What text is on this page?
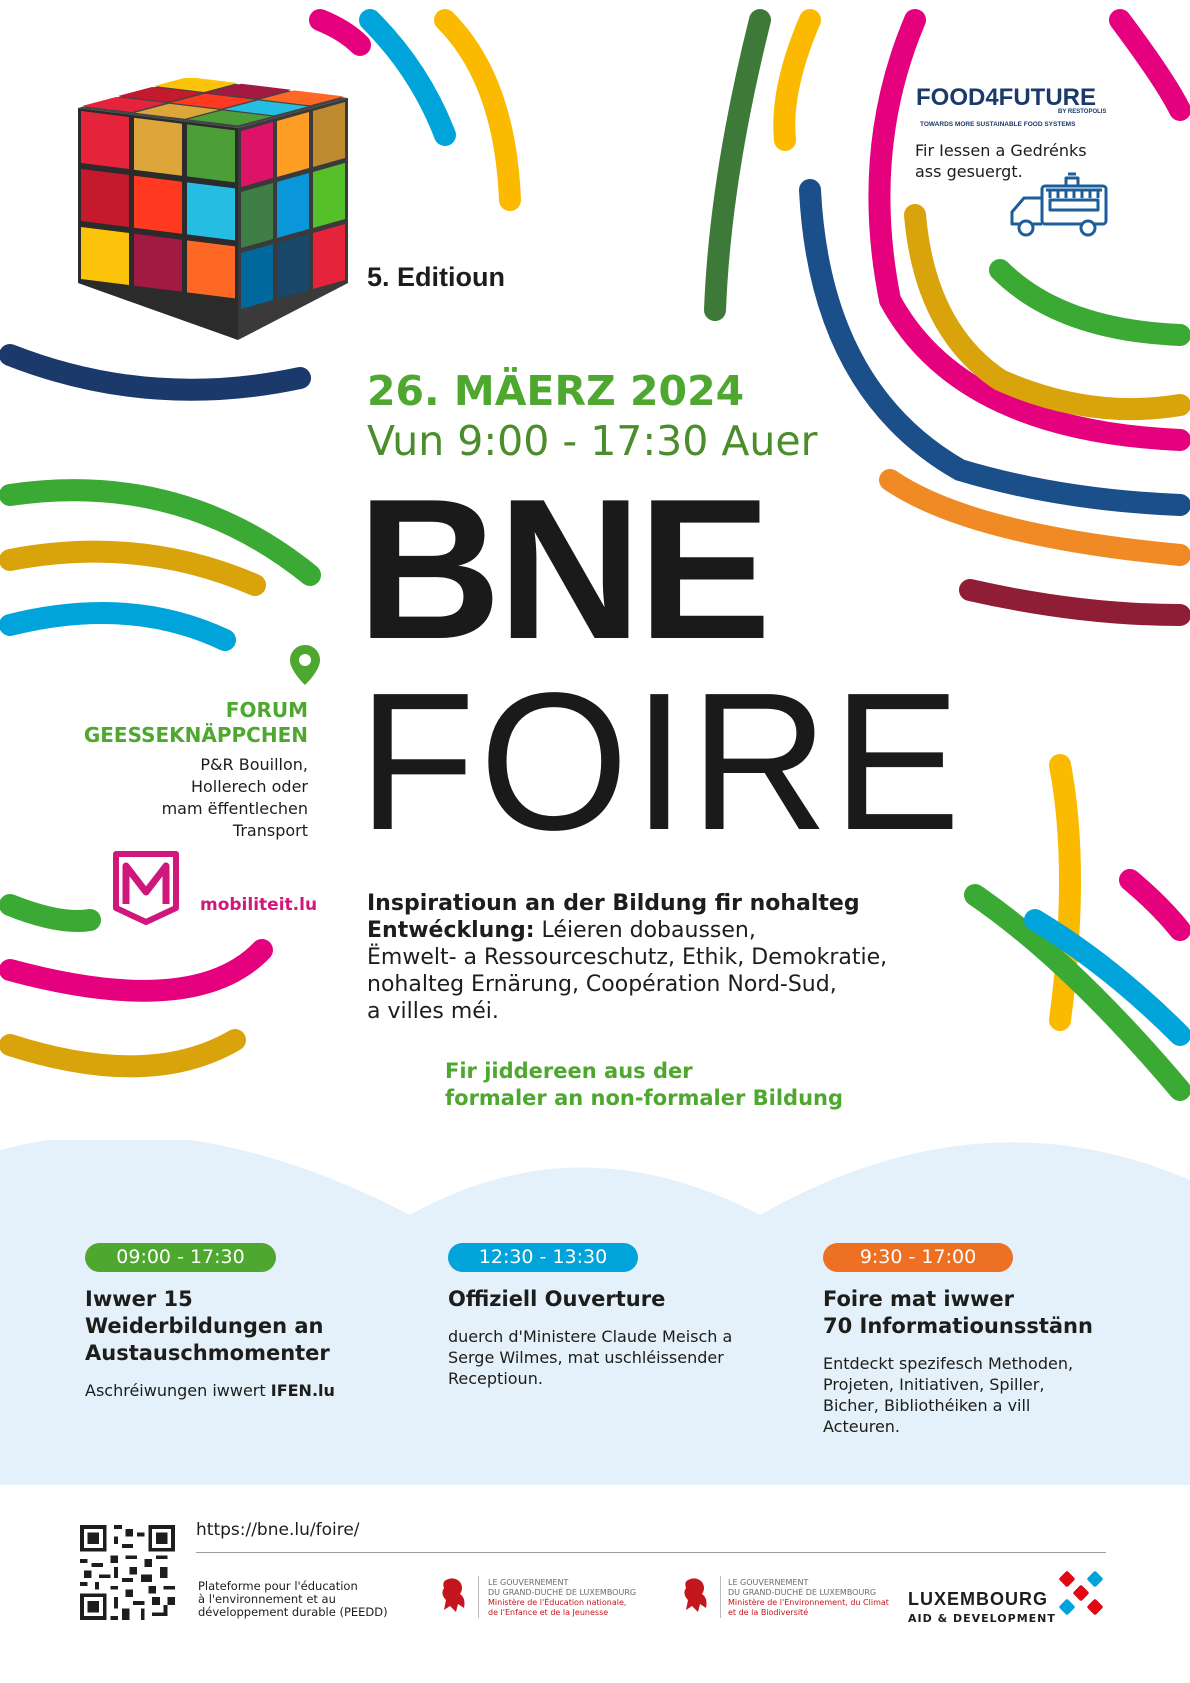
5. Editioun
26. MÄERZ 2024
Vun 9:00 - 17:30 Auer
BNE
FOIRE
Inspiratioun an der Bildung fir nohalteg Entwécklung: Léieren dobaussen,
Ëmwelt- a Ressourceschutz, Ethik, Demokratie,
nohalteg Ernärung, Coopération Nord-Sud,
a villes méi.
Fir jiddereen aus der
formaler an non-formaler Bildung
FORUM
GEESSEKNÄPPCHEN
P&R Bouillon,
Hollerech oder
mam ëffentlechen
Transport
mobiliteit.lu
FOOD4FUTURE
BY RESTOPOLIS
TOWARDS MORE SUSTAINABLE FOOD SYSTEMS
Fir Iessen a Gedrénks
ass gesuergt.
09:00 - 17:30
Iwwer 15
Weiderbildungen an
Austauschmomenter
Aschréiwungen iwwert IFEN.lu
12:30 - 13:30
Offiziell Ouverture
duerch d'Ministere Claude Meisch a
Serge Wilmes, mat uschléissender
Receptioun.
9:30 - 17:00
Foire mat iwwer
70 Informatiounsstänn
Entdeckt spezifesch Methoden,
Projeten, Initiativen, Spiller,
Bicher, Bibliothéiken a vill
Acteuren.
https://bne.lu/foire/
Plateforme pour l'éducation
à l'environnement et au
développement durable (PEEDD)
LE GOUVERNEMENT
DU GRAND-DUCHÉ DE LUXEMBOURG
Ministère de l'Éducation nationale,
de l'Enfance et de la Jeunesse
LE GOUVERNEMENT
DU GRAND-DUCHÉ DE LUXEMBOURG
Ministère de l'Environnement, du Climat
et de la Biodiversité
LUXEMBOURG
AID & DEVELOPMENT
